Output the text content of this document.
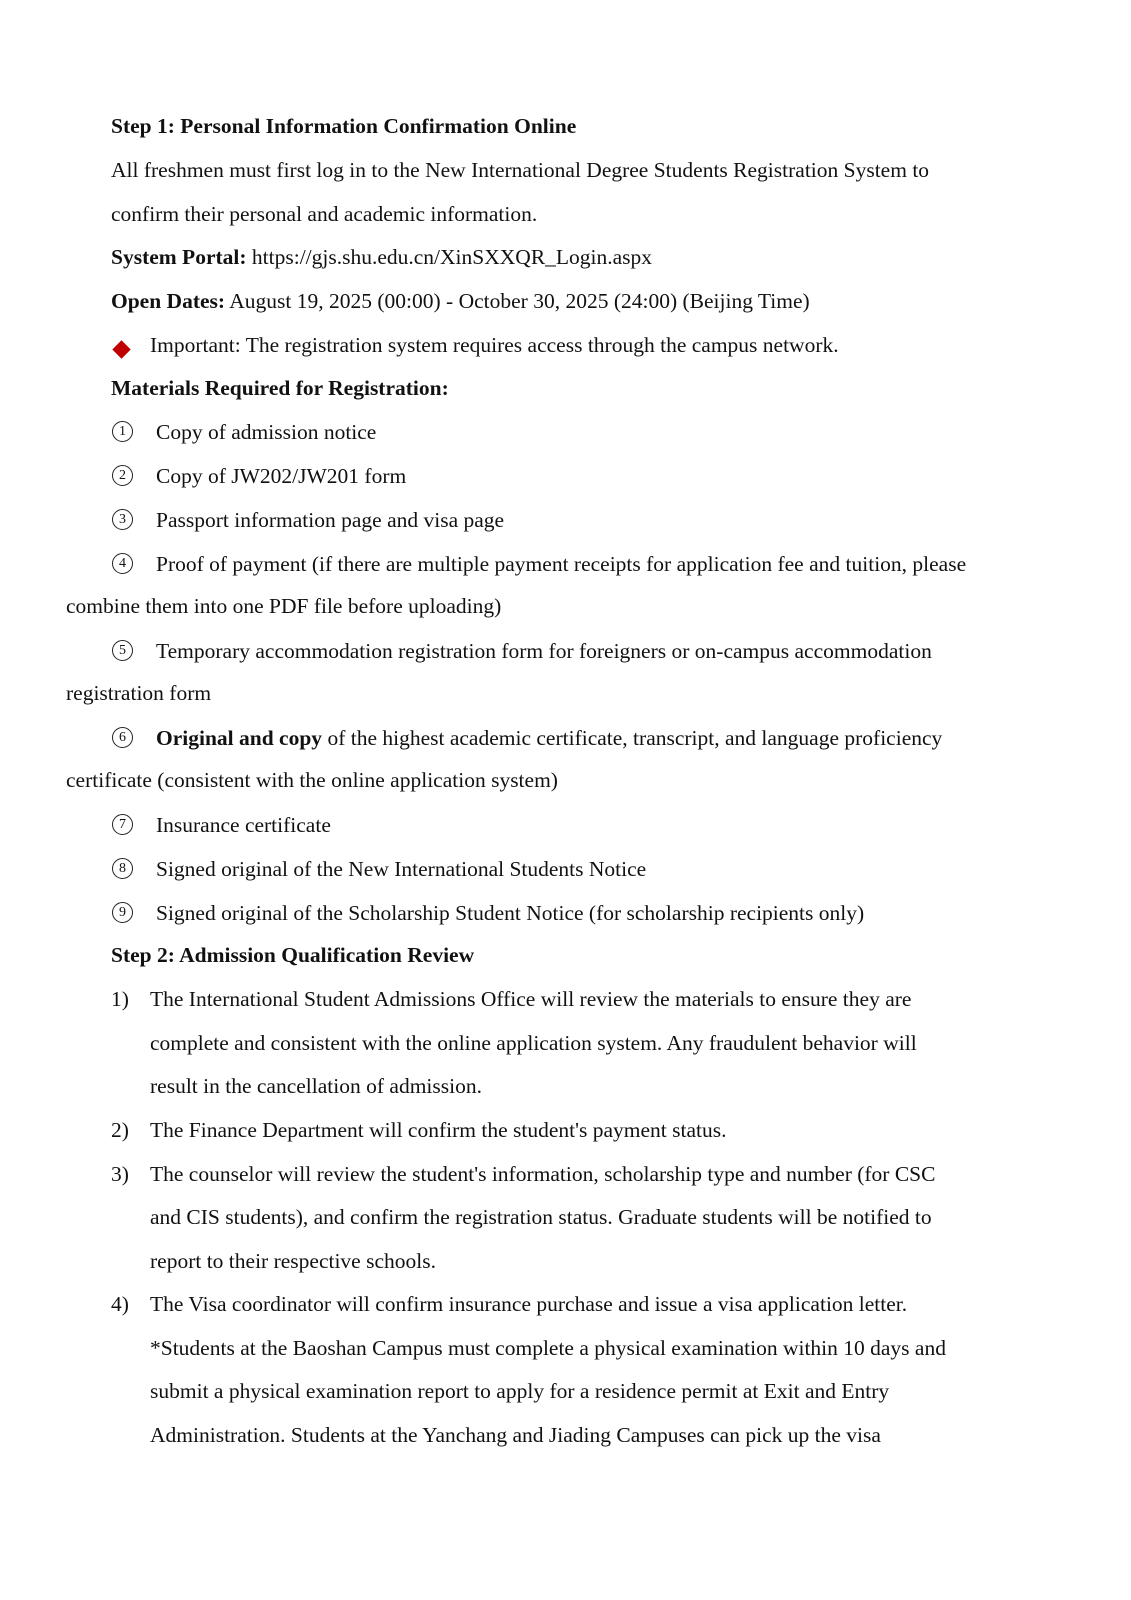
Step 1: Personal Information Confirmation Online
All freshmen must first log in to the New International Degree Students Registration System to
confirm their personal and academic information.
System Portal: https://gjs.shu.edu.cn/XinSXXQR_Login.aspx
Open Dates: August 19, 2025 (00:00) - October 30, 2025 (24:00) (Beijing Time)
Important: The registration system requires access through the campus network.
Materials Required for Registration:
1	Copy of admission notice
2	Copy of JW202/JW201 form
3	Passport information page and visa page
4	Proof of payment (if there are multiple payment receipts for application fee and tuition, please
combine them into one PDF file before uploading)
5	Temporary accommodation registration form for foreigners or on-campus accommodation
registration form
6	Original and copy of the highest academic certificate, transcript, and language proficiency
certificate (consistent with the online application system)
7	Insurance certificate
8	Signed original of the New International Students Notice
9	Signed original of the Scholarship Student Notice (for scholarship recipients only)
Step 2: Admission Qualification Review
1) The International Student Admissions Office will review the materials to ensure they are
complete and consistent with the online application system. Any fraudulent behavior will
result in the cancellation of admission.
2) The Finance Department will confirm the student's payment status.
3) The counselor will review the student's information, scholarship type and number (for CSC
and CIS students), and confirm the registration status. Graduate students will be notified to
report to their respective schools.
4) The Visa coordinator will confirm insurance purchase and issue a visa application letter.
*Students at the Baoshan Campus must complete a physical examination within 10 days and
submit a physical examination report to apply for a residence permit at Exit and Entry
Administration. Students at the Yanchang and Jiading Campuses can pick up the visa
